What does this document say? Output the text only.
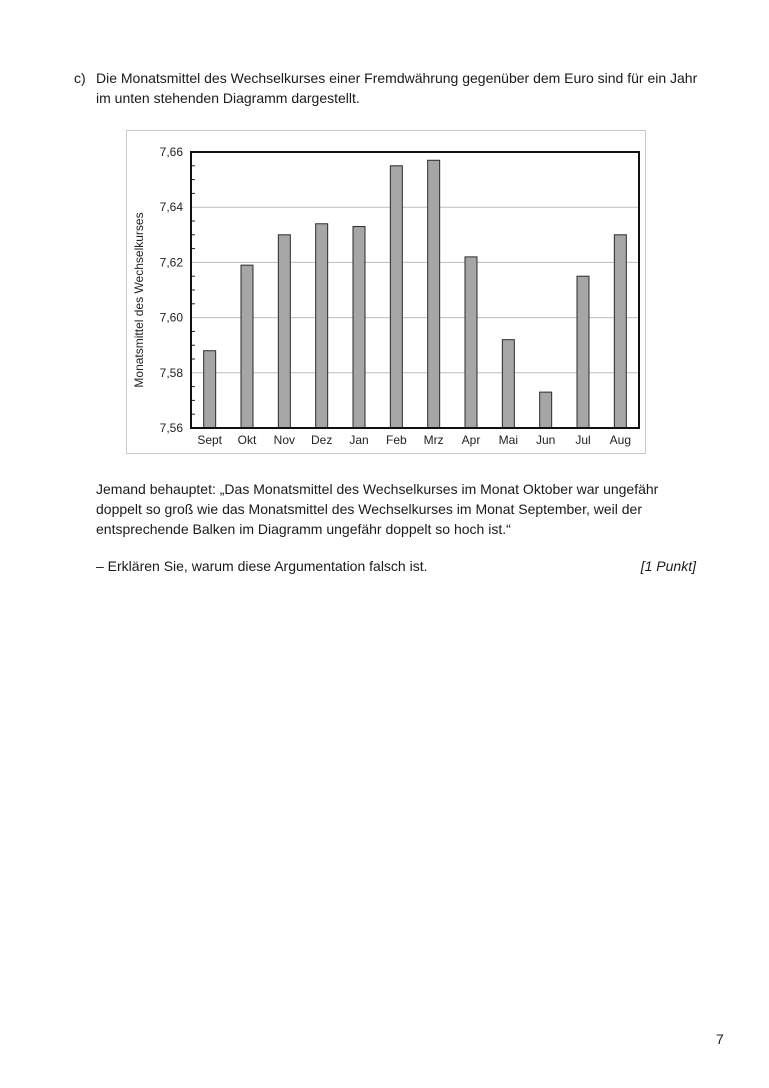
c) Die Monatsmittel des Wechselkurses einer Fremdwährung gegenüber dem Euro sind für ein Jahr im unten stehenden Diagramm dargestellt.
7,56
7,58
7,60
7,62
7,64
7,66
Sept Okt Nov Dez Jan Feb Mrz Apr Mai Jun Jul Aug
Monatsmittel des Wechselkurses
Jemand behauptet: „Das Monatsmittel des Wechselkurses im Monat Oktober war ungefähr doppelt so groß wie das Monatsmittel des Wechselkurses im Monat September, weil der entsprechende Balken im Diagramm ungefähr doppelt so hoch ist.“
– Erklären Sie, warum diese Argumentation falsch ist.	[1 Punkt]
7
